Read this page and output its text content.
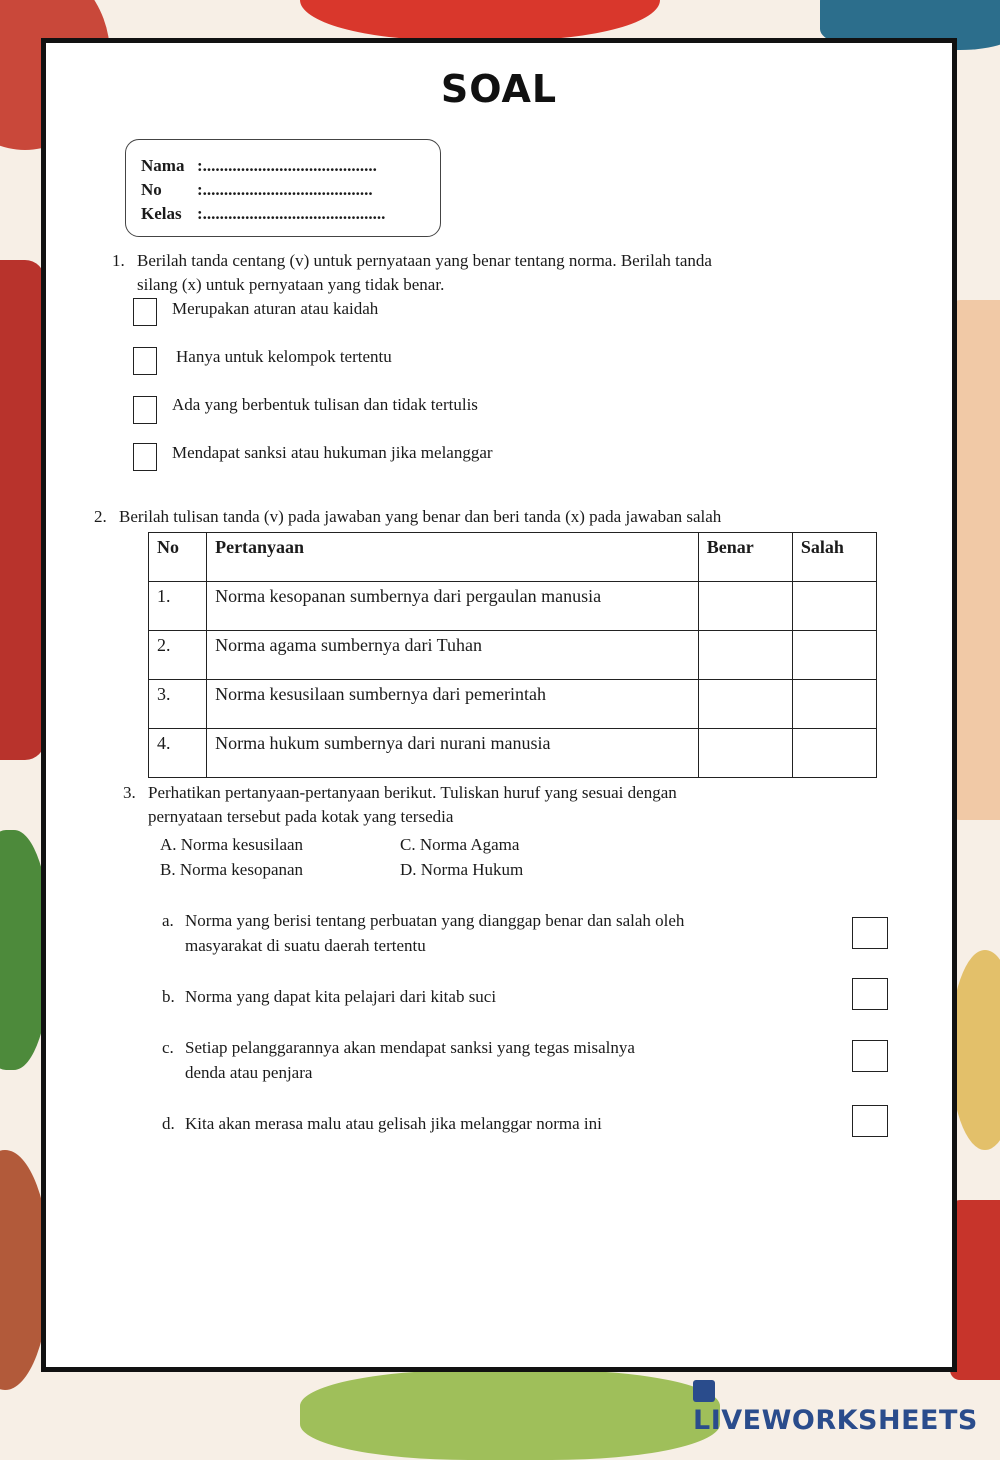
SOAL
Nama :.........................................
No	:........................................
Kelas :...........................................
1. Berilah tanda centang (v) untuk pernyataan yang benar tentang norma. Berilah tanda
silang (x) untuk pernyataan yang tidak benar.
Merupakan aturan atau kaidah
Hanya untuk kelompok tertentu
Ada yang berbentuk tulisan dan tidak tertulis
Mendapat sanksi atau hukuman jika melanggar
2. Berilah tulisan tanda (v) pada jawaban yang benar dan beri tanda (x) pada jawaban salah
No	Pertanyaan	Benar	Salah
1.	Norma kesopanan sumbernya dari pergaulan manusia		
2.	Norma agama sumbernya dari Tuhan		
3.	Norma kesusilaan sumbernya dari pemerintah		
4.	Norma hukum sumbernya dari nurani manusia		
3. Perhatikan pertanyaan-pertanyaan berikut. Tuliskan huruf yang sesuai dengan
pernyataan tersebut pada kotak yang tersedia
A. Norma kesusilaan	C. Norma Agama
B. Norma kesopanan	D. Norma Hukum
a. Norma yang berisi tentang perbuatan yang dianggap benar dan salah oleh
masyarakat di suatu daerah tertentu
b. Norma yang dapat kita pelajari dari kitab suci
c. Setiap pelanggarannya akan mendapat sanksi yang tegas misalnya
denda atau penjara
d. Kita akan merasa malu atau gelisah jika melanggar norma ini
LIVEWORKSHEETS
